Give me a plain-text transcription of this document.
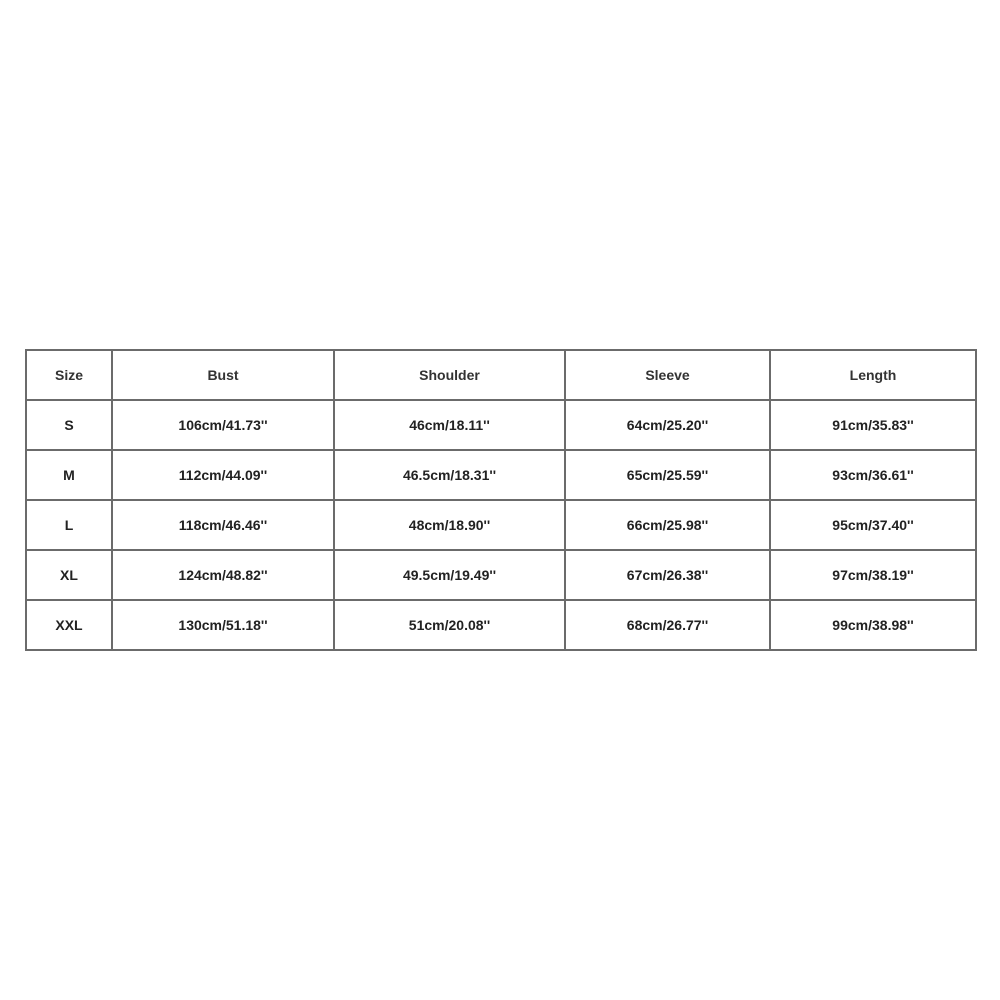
Size	Bust	Shoulder	Sleeve	Length
S	106cm/41.73''	46cm/18.11''	64cm/25.20''	91cm/35.83''
M	112cm/44.09''	46.5cm/18.31''	65cm/25.59''	93cm/36.61''
L	118cm/46.46''	48cm/18.90''	66cm/25.98''	95cm/37.40''
XL	124cm/48.82''	49.5cm/19.49''	67cm/26.38''	97cm/38.19''
XXL	130cm/51.18''	51cm/20.08''	68cm/26.77''	99cm/38.98''
